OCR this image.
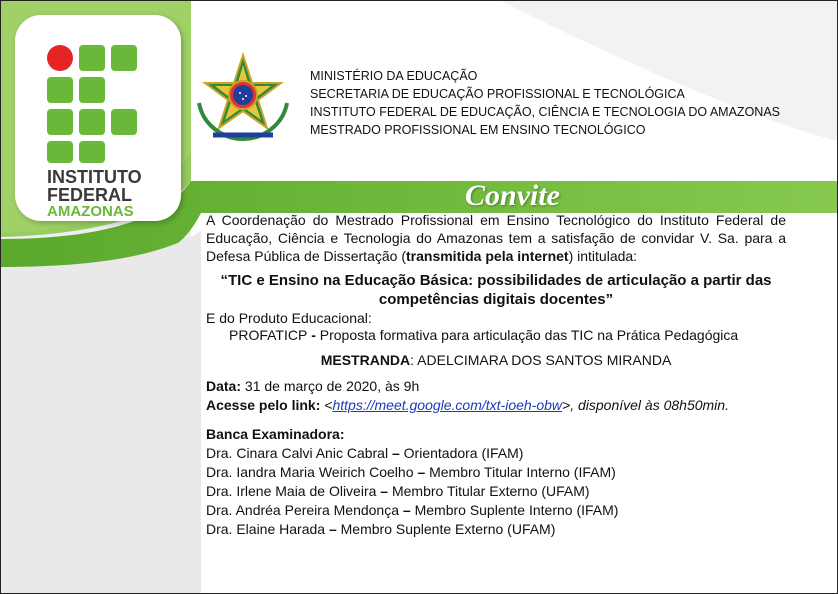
INSTITUTO
FEDERAL
AMAZONAS
MINISTÉRIO DA EDUCAÇÃO
SECRETARIA DE EDUCAÇÃO PROFISSIONAL E TECNOLÓGICA
INSTITUTO FEDERAL DE EDUCAÇÃO, CIÊNCIA E TECNOLOGIA DO AMAZONAS
MESTRADO PROFISSIONAL EM ENSINO TECNOLÓGICO
Convite

A Coordenação do Mestrado Profissional em Ensino Tecnológico do Instituto Federal de Educação, Ciência e Tecnologia do Amazonas tem a satisfação de convidar V. Sa. para a Defesa Pública de Dissertação (transmitida pela internet) intitulada:

“TIC e Ensino na Educação Básica: possibilidades de articulação a partir das competências digitais docentes”
E do Produto Educacional:
PROFATICP - Proposta formativa para articulação das TIC na Prática Pedagógica
MESTRANDA: ADELCIMARA DOS SANTOS MIRANDA
Data: 31 de março de 2020, às 9h
Acesse pelo link: <https://meet.google.com/txt-ioeh-obw>, disponível às 08h50min.
Banca Examinadora:
Dra. Cinara Calvi Anic Cabral – Orientadora (IFAM)
Dra. Iandra Maria Weirich Coelho – Membro Titular Interno (IFAM)
Dra. Irlene Maia de Oliveira – Membro Titular Externo (UFAM)
Dra. Andréa Pereira Mendonça – Membro Suplente Interno (IFAM)
Dra. Elaine Harada – Membro Suplente Externo (UFAM)
